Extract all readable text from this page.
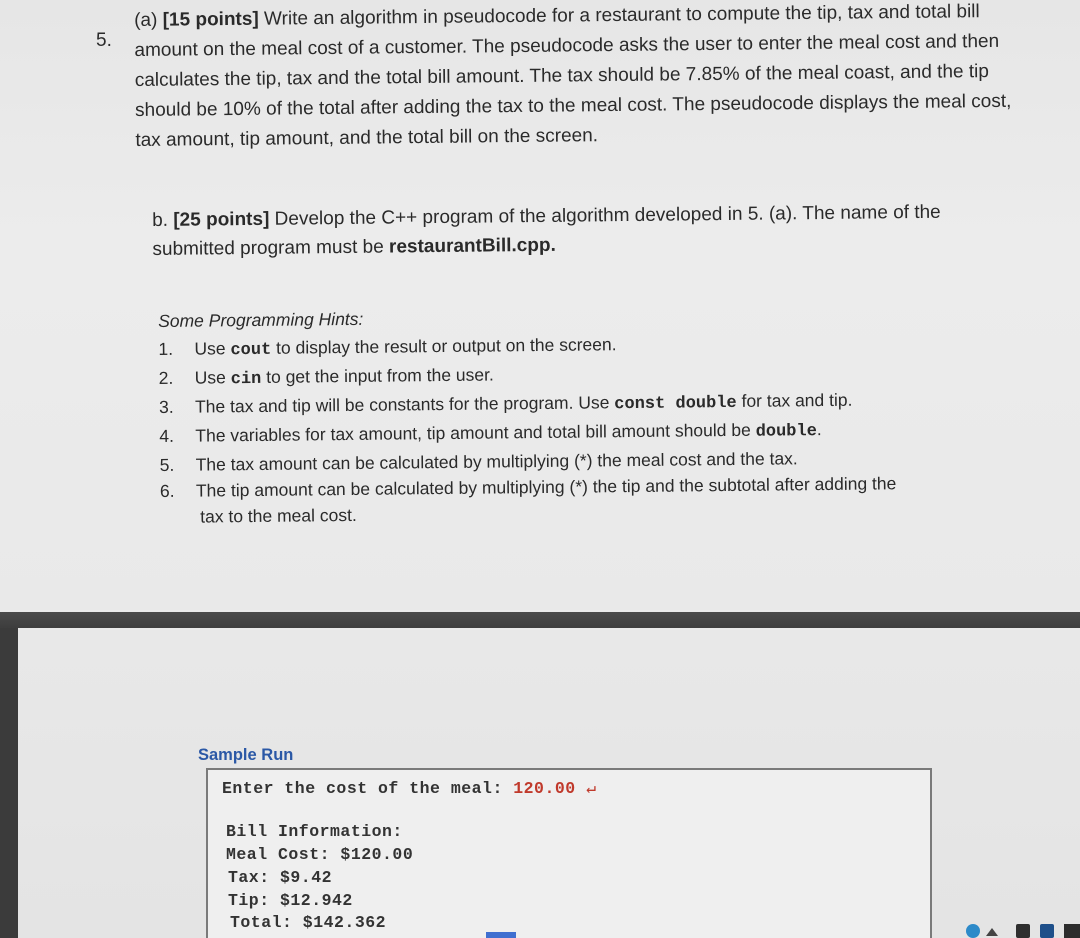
5.
(a) [15 points] Write an algorithm in pseudocode for a restaurant to compute the tip, tax and total bill amount on the meal cost of a customer. The pseudocode asks the user to enter the meal cost and then calculates the tip, tax and the total bill amount. The tax should be 7.85% of the meal coast, and the tip should be 10% of the total after adding the tax to the meal cost. The pseudocode displays the meal cost, tax amount, tip amount, and the total bill on the screen.
b. [25 points] Develop the C++ program of the algorithm developed in 5. (a). The name of the submitted program must be restaurantBill.cpp.
Some Programming Hints:
1.	Use cout to display the result or output on the screen.
2.	Use cin to get the input from the user.
3.	The tax and tip will be constants for the program. Use const double for tax and tip.
4.	The variables for tax amount, tip amount and total bill amount should be double.
5.	The tax amount can be calculated by multiplying (*) the meal cost and the tax.
6.	The tip amount can be calculated by multiplying (*) the tip and the subtotal after adding the
tax to the meal cost.
Sample Run
Enter the cost of the meal: 120.00 ↵
Bill Information:
Meal Cost: $120.00
Tax: $9.42
Tip: $12.942
Total: $142.362
